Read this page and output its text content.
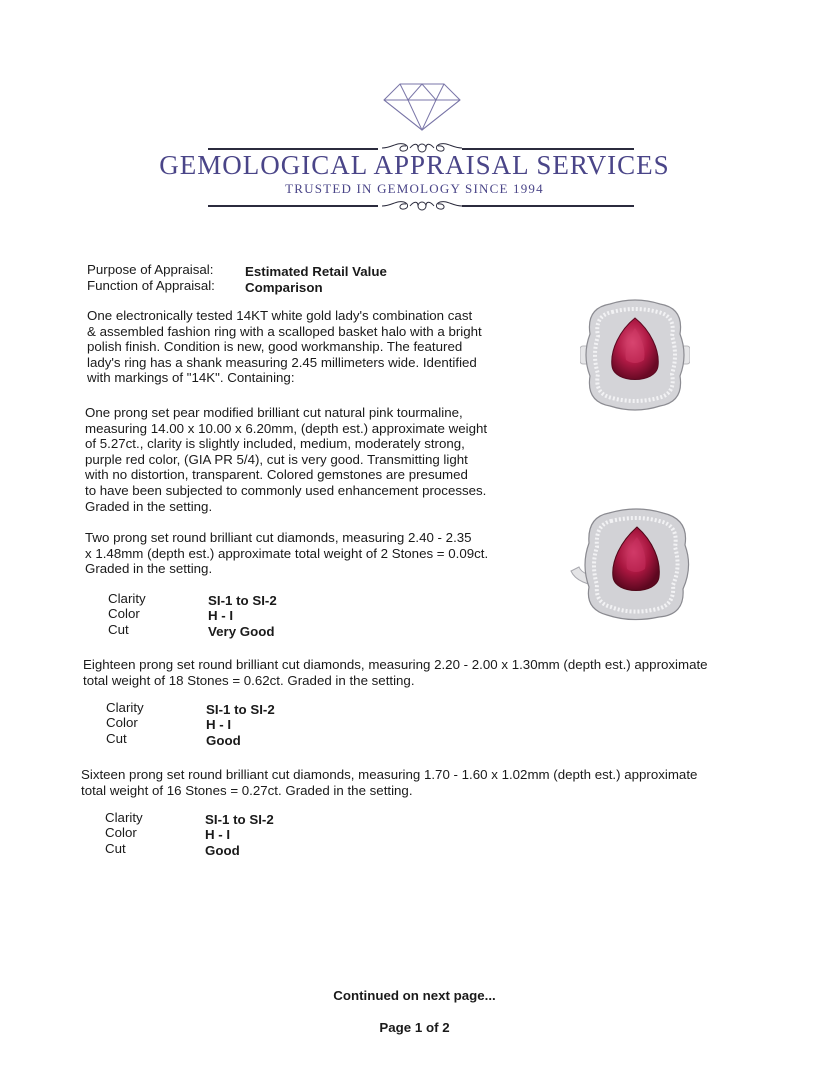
GEMOLOGICAL APPRAISAL SERVICES
TRUSTED IN GEMOLOGY SINCE 1994
Purpose of Appraisal: Estimated Retail Value
Function of Appraisal: Comparison
One electronically tested 14KT white gold lady's combination cast
& assembled fashion ring with a scalloped basket halo with a bright
polish finish. Condition is new, good workmanship. The featured
lady's ring has a shank measuring 2.45 millimeters wide. Identified
with markings of "14K". Containing:
One prong set pear modified brilliant cut natural pink tourmaline,
measuring 14.00 x 10.00 x 6.20mm, (depth est.) approximate weight
of 5.27ct., clarity is slightly included, medium, moderately strong,
purple red color, (GIA PR 5/4), cut is very good. Transmitting light
with no distortion, transparent. Colored gemstones are presumed
to have been subjected to commonly used enhancement processes.
Graded in the setting.
Two prong set round brilliant cut diamonds, measuring 2.40 - 2.35
x 1.48mm (depth est.) approximate total weight of 2 Stones = 0.09ct.
Graded in the setting.
Clarity	SI-1 to SI-2
Color	H - I
Cut	Very Good
Eighteen prong set round brilliant cut diamonds, measuring 2.20 - 2.00 x 1.30mm (depth est.) approximate
total weight of 18 Stones = 0.62ct. Graded in the setting.
Clarity	SI-1 to SI-2
Color	H - I
Cut	Good
Sixteen prong set round brilliant cut diamonds, measuring 1.70 - 1.60 x 1.02mm (depth est.) approximate
total weight of 16 Stones = 0.27ct. Graded in the setting.
Clarity	SI-1 to SI-2
Color	H - I
Cut	Good
Continued on next page...
Page 1 of 2
